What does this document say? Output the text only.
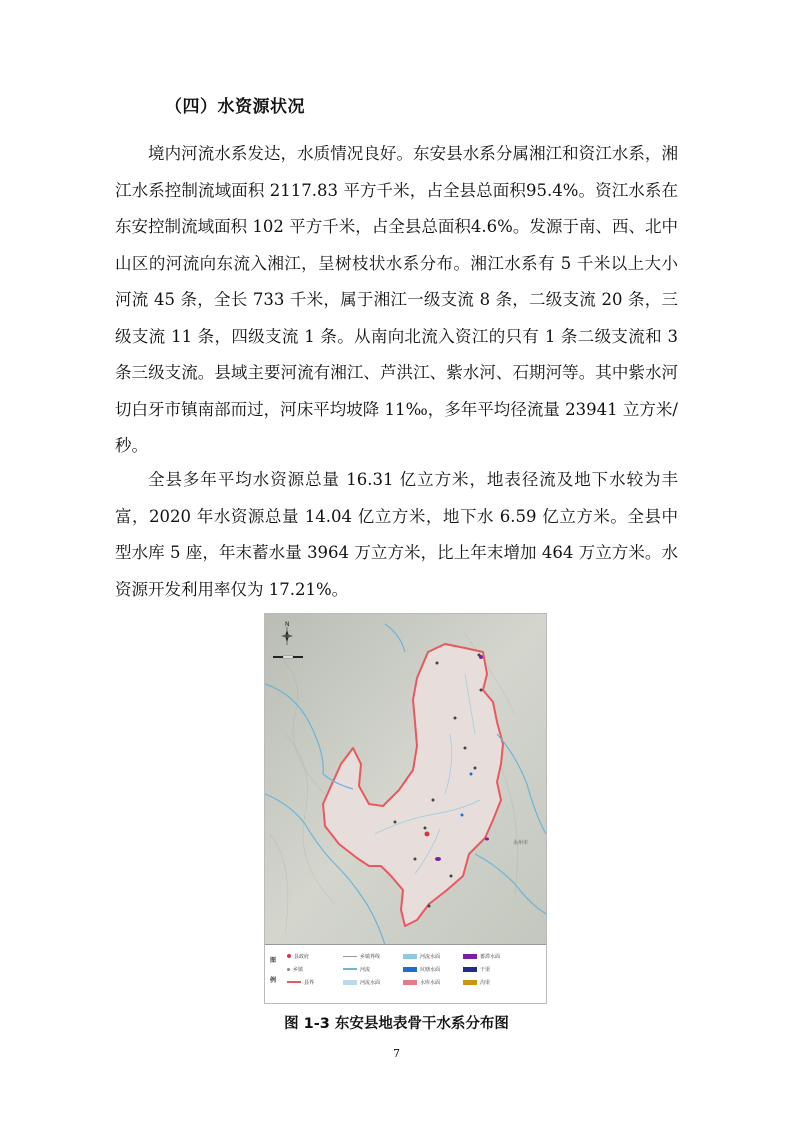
（四）水资源状况

境内河流水系发达，水质情况良好。东安县水系分属湘江和资江水系，湘江水系控制流域面积 2117.83 平方千米，占全县总面积95.4%。资江水系在东安控制流域面积 102 平方千米，占全县总面积4.6%。发源于南、西、北中山区的河流向东流入湘江，呈树枝状水系分布。湘江水系有 5 千米以上大小河流 45 条，全长 733 千米，属于湘江一级支流 8 条，二级支流 20 条，三级支流 11 条，四级支流 1 条。从南向北流入资江的只有 1 条二级支流和 3 条三级支流。县域主要河流有湘江、芦洪江、紫水河、石期河等。其中紫水河切白牙市镇南部而过，河床平均坡降 11‰，多年平均径流量 23941 立方米/秒。

全县多年平均水资源总量 16.31 亿立方米，地表径流及地下水较为丰富，2020 年水资源总量 14.04 亿立方米，地下水 6.59 亿立方米。全县中型水库 5 座，年末蓄水量 3964 万立方米，比上年末增加 464 万立方米。水资源开发利用率仅为 17.21%。

N
永州市
图例
县政府
乡镇
县界
乡镇界线
河流
河流水面
河流水面
坑塘水面
水库水面
蓄滞水面
干渠
沟渠
图 1-3 东安县地表骨干水系分布图
7
